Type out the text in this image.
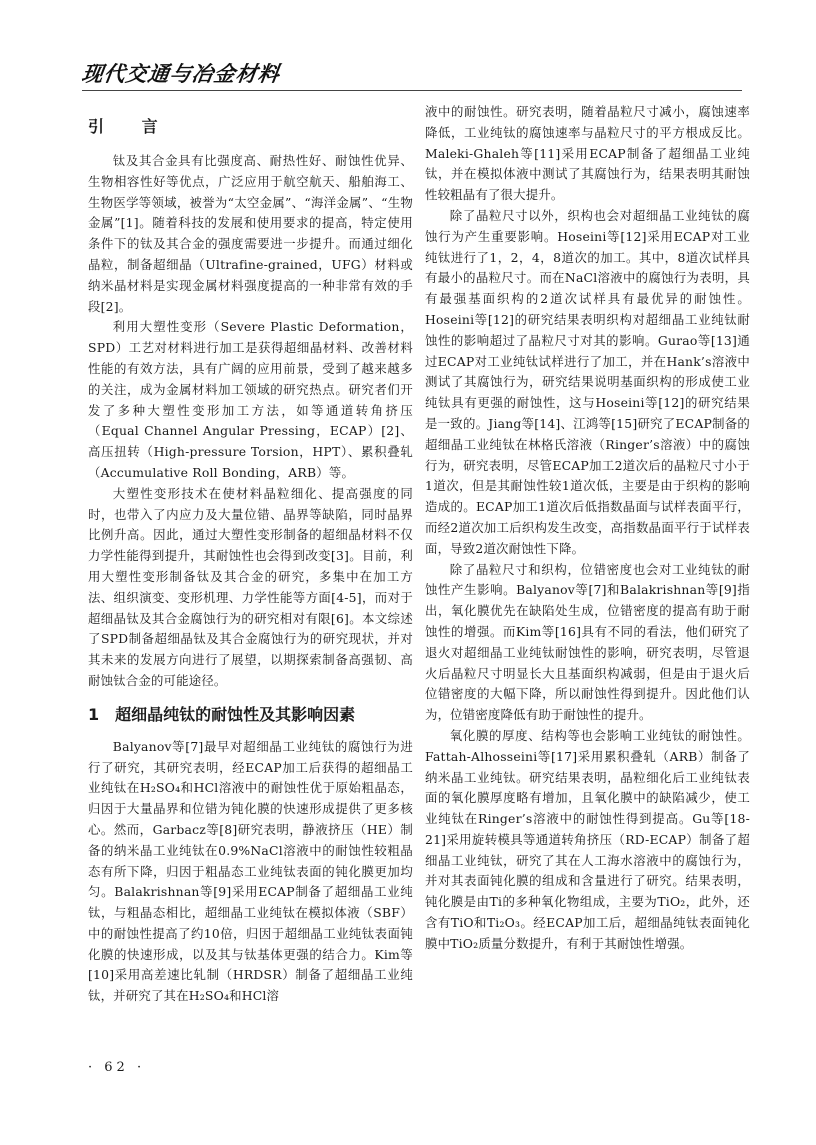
现代交通与冶金材料
引 言

钛及其合金具有比强度高、耐热性好、耐蚀性优异、生物相容性好等优点，广泛应用于航空航天、船舶海工、生物医学等领域，被誉为“太空金属”、“海洋金属”、“生物金属”[1]。随着科技的发展和使用要求的提高，特定使用条件下的钛及其合金的强度需要进一步提升。而通过细化晶粒，制备超细晶（Ultrafine-grained，UFG）材料或纳米晶材料是实现金属材料强度提高的一种非常有效的手段[2]。

利用大塑性变形（Severe Plastic Deformation，SPD）工艺对材料进行加工是获得超细晶材料、改善材料性能的有效方法，具有广阔的应用前景，受到了越来越多的关注，成为金属材料加工领域的研究热点。研究者们开发了多种大塑性变形加工方法，如等通道转角挤压（Equal Channel Angular Pressing，ECAP）[2]、高压扭转（High-pressure Torsion，HPT）、累积叠轧（Accumulative Roll Bonding，ARB）等。

大塑性变形技术在使材料晶粒细化、提高强度的同时，也带入了内应力及大量位错、晶界等缺陷，同时晶界比例升高。因此，通过大塑性变形制备的超细晶材料不仅力学性能得到提升，其耐蚀性也会得到改变[3]。目前，利用大塑性变形制备钛及其合金的研究，多集中在加工方法、组织演变、变形机理、力学性能等方面[4-5]，而对于超细晶钛及其合金腐蚀行为的研究相对有限[6]。本文综述了SPD制备超细晶钛及其合金腐蚀行为的研究现状，并对其未来的发展方向进行了展望，以期探索制备高强韧、高耐蚀钛合金的可能途径。

1　超细晶纯钛的耐蚀性及其影响因素

Balyanov等[7]最早对超细晶工业纯钛的腐蚀行为进行了研究，其研究表明，经ECAP加工后获得的超细晶工业纯钛在H₂SO₄和HCl溶液中的耐蚀性优于原始粗晶态，归因于大量晶界和位错为钝化膜的快速形成提供了更多核心。然而，Garbacz等[8]研究表明，静液挤压（HE）制备的纳米晶工业纯钛在0.9%NaCl溶液中的耐蚀性较粗晶态有所下降，归因于粗晶态工业纯钛表面的钝化膜更加均匀。Balakrishnan等[9]采用ECAP制备了超细晶工业纯钛，与粗晶态相比，超细晶工业纯钛在模拟体液（SBF）中的耐蚀性提高了约10倍，归因于超细晶工业纯钛表面钝化膜的快速形成，以及其与钛基体更强的结合力。Kim等[10]采用高差速比轧制（HRDSR）制备了超细晶工业纯钛，并研究了其在H₂SO₄和HCl溶

液中的耐蚀性。研究表明，随着晶粒尺寸减小，腐蚀速率降低，工业纯钛的腐蚀速率与晶粒尺寸的平方根成反比。Maleki-Ghaleh等[11]采用ECAP制备了超细晶工业纯钛，并在模拟体液中测试了其腐蚀行为，结果表明其耐蚀性较粗晶有了很大提升。

除了晶粒尺寸以外，织构也会对超细晶工业纯钛的腐蚀行为产生重要影响。Hoseini等[12]采用ECAP对工业纯钛进行了1，2，4，8道次的加工。其中，8道次试样具有最小的晶粒尺寸。而在NaCl溶液中的腐蚀行为表明，具有最强基面织构的2道次试样具有最优异的耐蚀性。Hoseini等[12]的研究结果表明织构对超细晶工业纯钛耐蚀性的影响超过了晶粒尺寸对其的影响。Gurao等[13]通过ECAP对工业纯钛试样进行了加工，并在Hank’s溶液中测试了其腐蚀行为，研究结果说明基面织构的形成使工业纯钛具有更强的耐蚀性，这与Hoseini等[12]的研究结果是一致的。Jiang等[14]、江鸿等[15]研究了ECAP制备的超细晶工业纯钛在林格氏溶液（Ringer’s溶液）中的腐蚀行为，研究表明，尽管ECAP加工2道次后的晶粒尺寸小于1道次，但是其耐蚀性较1道次低，主要是由于织构的影响造成的。ECAP加工1道次后低指数晶面与试样表面平行，而经2道次加工后织构发生改变，高指数晶面平行于试样表面，导致2道次耐蚀性下降。

除了晶粒尺寸和织构，位错密度也会对工业纯钛的耐蚀性产生影响。Balyanov等[7]和Balakrishnan等[9]指出，氧化膜优先在缺陷处生成，位错密度的提高有助于耐蚀性的增强。而Kim等[16]具有不同的看法，他们研究了退火对超细晶工业纯钛耐蚀性的影响，研究表明，尽管退火后晶粒尺寸明显长大且基面织构减弱，但是由于退火后位错密度的大幅下降，所以耐蚀性得到提升。因此他们认为，位错密度降低有助于耐蚀性的提升。

氧化膜的厚度、结构等也会影响工业纯钛的耐蚀性。Fattah-Alhosseini等[17]采用累积叠轧（ARB）制备了纳米晶工业纯钛。研究结果表明，晶粒细化后工业纯钛表面的氧化膜厚度略有增加，且氧化膜中的缺陷减少，使工业纯钛在Ringer’s溶液中的耐蚀性得到提高。Gu等[18-21]采用旋转模具等通道转角挤压（RD-ECAP）制备了超细晶工业纯钛，研究了其在人工海水溶液中的腐蚀行为，并对其表面钝化膜的组成和含量进行了研究。结果表明，钝化膜是由Ti的多种氧化物组成，主要为TiO₂，此外，还含有TiO和Ti₂O₃。经ECAP加工后，超细晶纯钛表面钝化膜中TiO₂质量分数提升，有利于其耐蚀性增强。

· 62 ·
